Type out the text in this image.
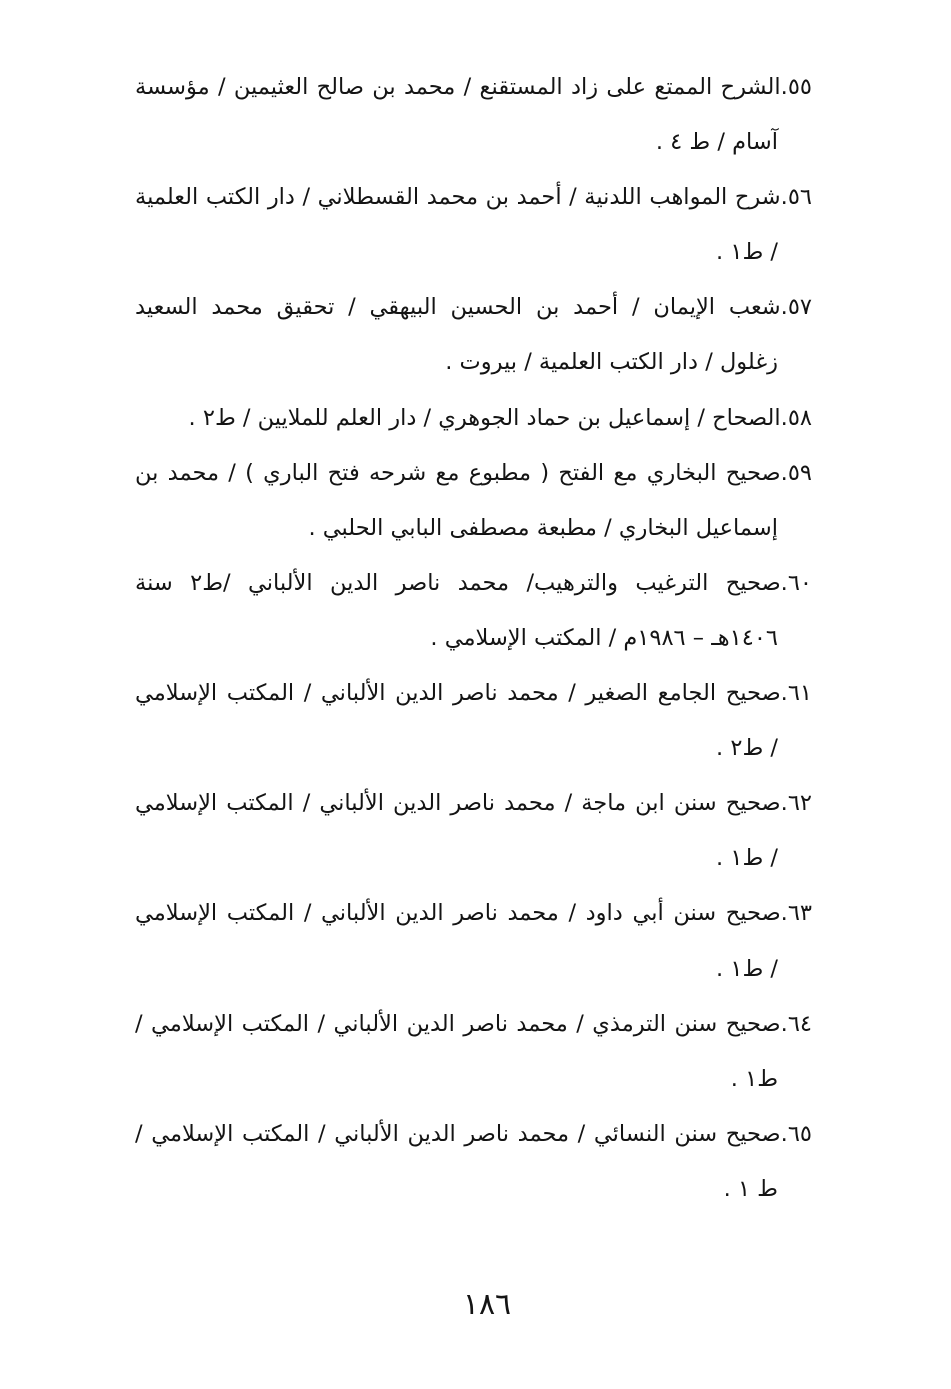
٥٥.الشرح الممتع على زاد المستقنع / محمد بن صالح العثيمين / مؤسسة
آسام / ط ٤ .
٥٦.شرح المواهب اللدنية / أحمد بن محمد القسطلاني / دار الكتب العلمية
/ ط١ .
٥٧.شعب الإيمان / أحمد بن الحسين البيهقي / تحقيق محمد السعيد
زغلول / دار الكتب العلمية / بيروت .
٥٨.الصحاح / إسماعيل بن حماد الجوهري / دار العلم للملايين / ط٢ .
٥٩.صحيح البخاري مع الفتح ( مطبوع مع شرحه فتح الباري ) / محمد بن
إسماعيل البخاري / مطبعة مصطفى البابي الحلبي .
٦٠.صحيح الترغيب والترهيب/ محمد ناصر الدين الألباني /ط٢ سنة
١٤٠٦هـ – ١٩٨٦م / المكتب الإسلامي .
٦١.صحيح الجامع الصغير / محمد ناصر الدين الألباني / المكتب الإسلامي
/ ط٢ .
٦٢.صحيح سنن ابن ماجة / محمد ناصر الدين الألباني / المكتب الإسلامي
/ ط١ .
٦٣.صحيح سنن أبي داود / محمد ناصر الدين الألباني / المكتب الإسلامي
/ ط١ .
٦٤.صحيح سنن الترمذي / محمد ناصر الدين الألباني / المكتب الإسلامي /
ط١ .
٦٥.صحيح سنن النسائي / محمد ناصر الدين الألباني / المكتب الإسلامي /
ط ١ .
١٨٦
